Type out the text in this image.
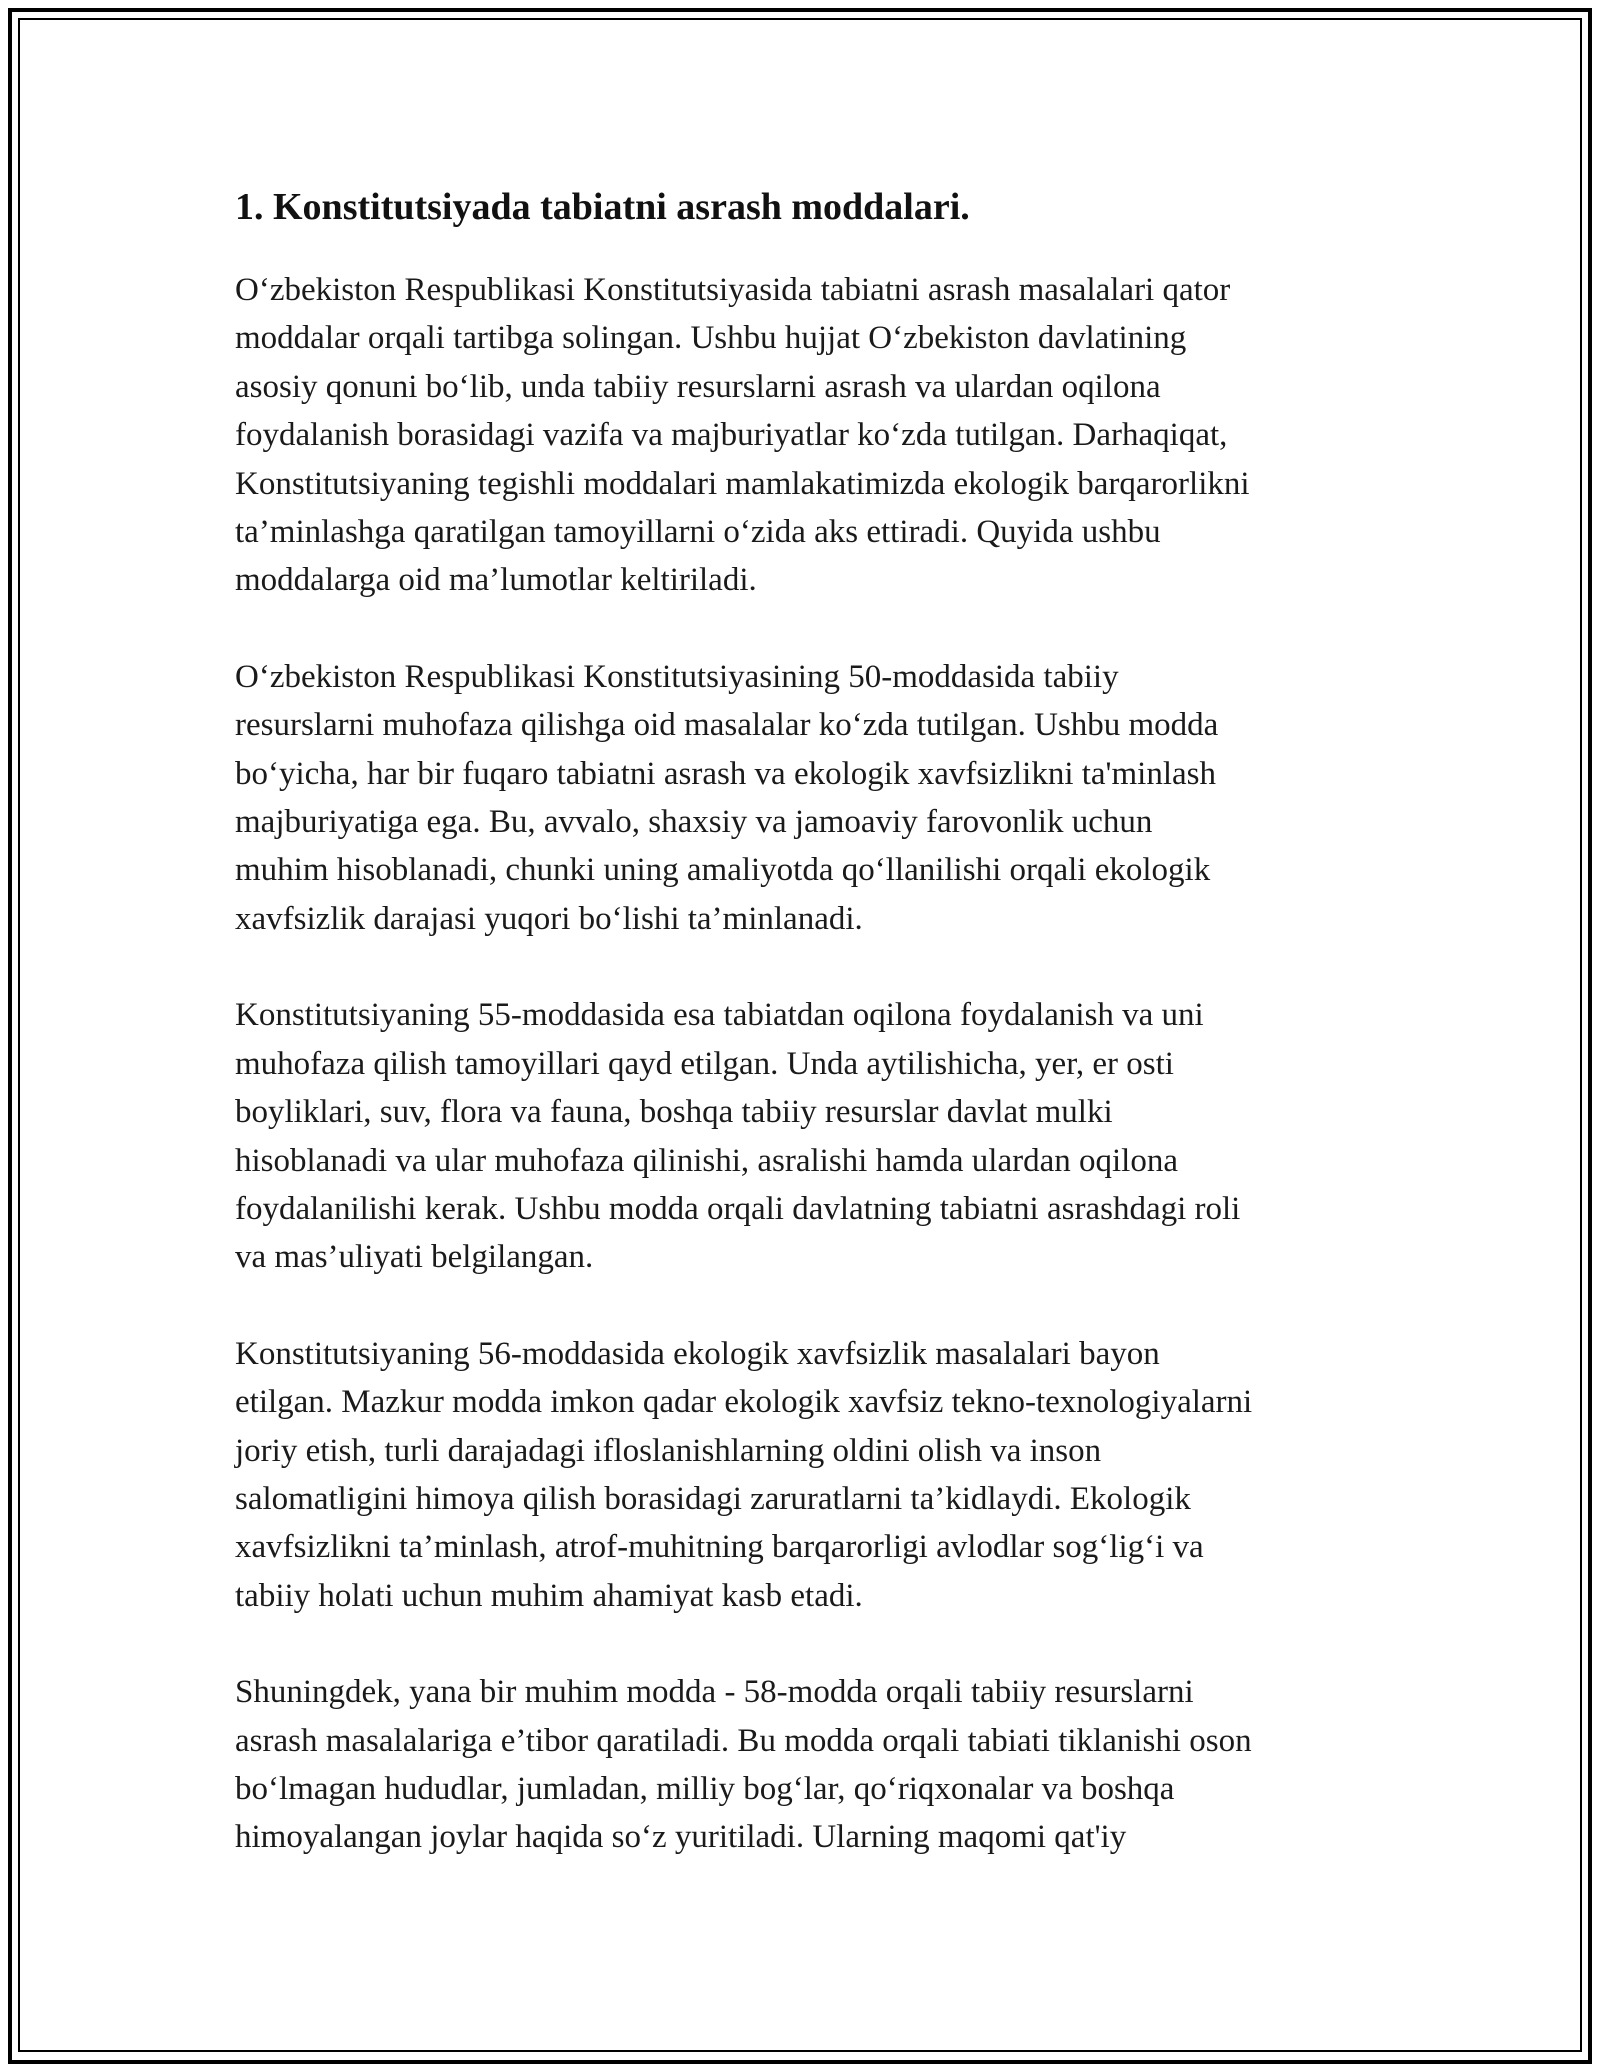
1. Konstitutsiyada tabiatni asrash moddalari.

O‘zbekiston Respublikasi Konstitutsiyasida tabiatni asrash masalalari qator
moddalar orqali tartibga solingan. Ushbu hujjat O‘zbekiston davlatining
asosiy qonuni bo‘lib, unda tabiiy resurslarni asrash va ulardan oqilona
foydalanish borasidagi vazifa va majburiyatlar ko‘zda tutilgan. Darhaqiqat,
Konstitutsiyaning tegishli moddalari mamlakatimizda ekologik barqarorlikni
ta’minlashga qaratilgan tamoyillarni o‘zida aks ettiradi. Quyida ushbu
moddalarga oid ma’lumotlar keltiriladi.

O‘zbekiston Respublikasi Konstitutsiyasining 50-moddasida tabiiy
resurslarni muhofaza qilishga oid masalalar ko‘zda tutilgan. Ushbu modda
bo‘yicha, har bir fuqaro tabiatni asrash va ekologik xavfsizlikni ta'minlash
majburiyatiga ega. Bu, avvalo, shaxsiy va jamoaviy farovonlik uchun
muhim hisoblanadi, chunki uning amaliyotda qo‘llanilishi orqali ekologik
xavfsizlik darajasi yuqori bo‘lishi ta’minlanadi.

Konstitutsiyaning 55-moddasida esa tabiatdan oqilona foydalanish va uni
muhofaza qilish tamoyillari qayd etilgan. Unda aytilishicha, yer, er osti
boyliklari, suv, flora va fauna, boshqa tabiiy resurslar davlat mulki
hisoblanadi va ular muhofaza qilinishi, asralishi hamda ulardan oqilona
foydalanilishi kerak. Ushbu modda orqali davlatning tabiatni asrashdagi roli
va mas’uliyati belgilangan.

Konstitutsiyaning 56-moddasida ekologik xavfsizlik masalalari bayon
etilgan. Mazkur modda imkon qadar ekologik xavfsiz tekno-texnologiyalarni
joriy etish, turli darajadagi ifloslanishlarning oldini olish va inson
salomatligini himoya qilish borasidagi zaruratlarni ta’kidlaydi. Ekologik
xavfsizlikni ta’minlash, atrof-muhitning barqarorligi avlodlar sog‘lig‘i va
tabiiy holati uchun muhim ahamiyat kasb etadi.

Shuningdek, yana bir muhim modda - 58-modda orqali tabiiy resurslarni
asrash masalalariga e’tibor qaratiladi. Bu modda orqali tabiati tiklanishi oson
bo‘lmagan hududlar, jumladan, milliy bog‘lar, qo‘riqxonalar va boshqa
himoyalangan joylar haqida so‘z yuritiladi. Ularning maqomi qat'iy
